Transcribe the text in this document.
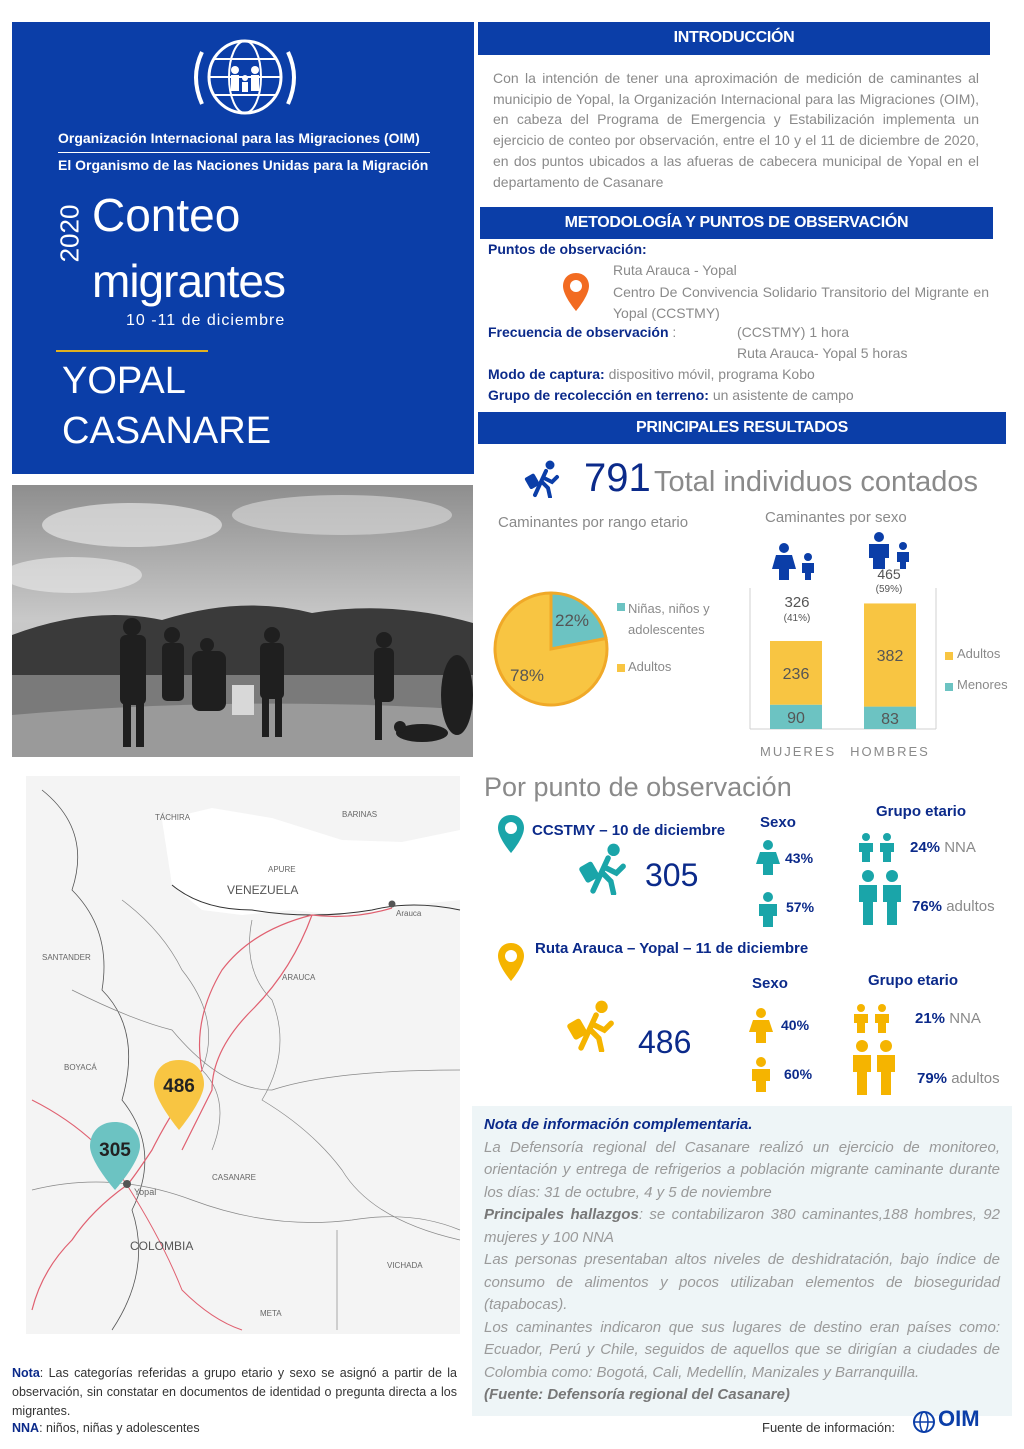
Organización Internacional para las Migraciones (OIM)
El Organismo de las Naciones Unidas para la Migración
2020 Conteo
migrantes
10 -11 de diciembre
YOPAL
CASANARE
INTRODUCCIÓN

Con la intención de tener una aproximación de medición de caminantes al municipio de Yopal, la Organización Internacional para las Migraciones (OIM), en cabeza del Programa de Emergencia y Estabilización implementa un ejercicio de conteo por observación, entre el 10 y el 11 de diciembre de 2020, en dos puntos ubicados a las afueras de cabecera municipal de Yopal en el departamento de Casanare

METODOLOGÍA Y PUNTOS DE OBSERVACIÓN
Puntos de observación:
Ruta Arauca - Yopal

Centro De Convivencia Solidario Transitorio del Migrante en Yopal (CCSTMY)

Frecuencia de observación :	(CCSTMY) 1 hora
Ruta Arauca- Yopal 5 horas
Modo de captura: dispositivo móvil, programa Kobo
Grupo de recolección en terreno: un asistente de campo
PRINCIPALES RESULTADOS
791 Total individuos contados
Caminantes por rango etario	Caminantes por sexo
22%
78%
Niñas, niños y adolescentes
Adultos
326
(41%)
465
(59%)
90
236
83
382
MUJERES HOMBRES
Adultos
Menores
TÁCHIRA	BARINAS
APURE
VENEZUELA
Arauca
SANTANDER
ARAUCA
BOYACÁ
CASANARE
Yopal
COLOMBIA
VICHADA
META
486
305
Por punto de observación
CCSTMY – 10 de diciembre
305
Sexo
43%
57%
Grupo etario
24% NNA
76% adultos
Ruta Arauca – Yopal – 11 de diciembre
486
Sexo
40%
60%
Grupo etario
21% NNA
79% adultos

Nota de información complementaria.

La Defensoría regional del Casanare realizó un ejercicio de monitoreo, orientación y entrega de refrigerios a población migrante caminante durante los días: 31 de octubre, 4 y 5 de noviembre

Principales hallazgos: se contabilizaron 380 caminantes,188 hombres, 92 mujeres y 100 NNA

Las personas presentaban altos niveles de deshidratación, bajo índice de consumo de alimentos y pocos utilizaban elementos de bioseguridad (tapabocas).

Los caminantes indicaron que sus lugares de destino eran países como: Ecuador, Perú y Chile, seguidos de aquellos que se dirigían a ciudades de Colombia como: Bogotá, Cali, Medellín, Manizales y Barranquilla.

(Fuente: Defensoría regional del Casanare)

Nota: Las categorías referidas a grupo etario y sexo se asignó a partir de la observación, sin constatar en documentos de identidad o pregunta directa a los migrantes.

NNA: niños, niñas y adolescentes	Fuente de información: OIM
